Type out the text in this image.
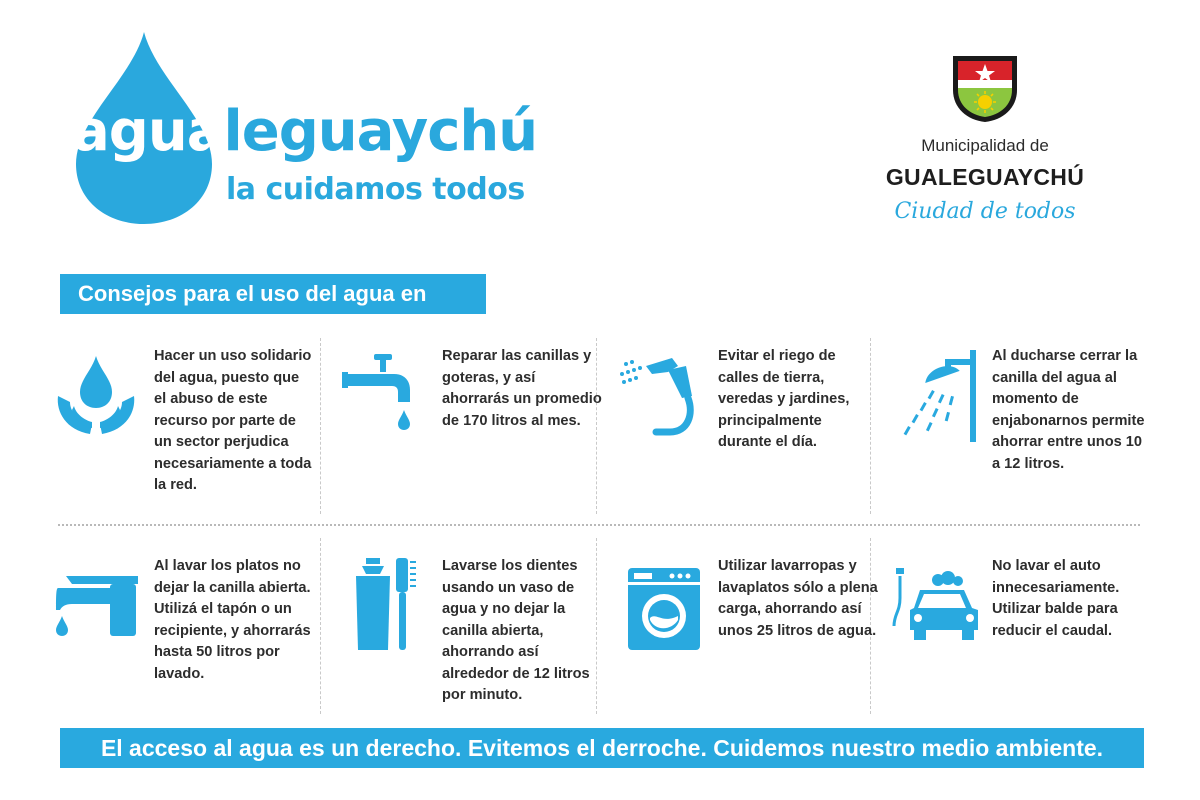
agualeguaychú
la cuidamos todos
Municipalidad de
GUALEGUAYCHÚ
Ciudad de todos
Consejos para el uso del agua en casa:
Hacer un uso solidario del agua, puesto que el abuso de este recurso por parte de un sector perjudica necesariamente a toda la red.
Reparar las canillas y goteras, y así ahorrarás un promedio de 170 litros al mes.
Evitar el riego de calles de tierra, veredas y jardines, principalmente durante el día.
Al ducharse cerrar la canilla del agua al momento de enjabonarnos permite ahorrar entre unos 10 a 12 litros.
Al lavar los platos no dejar la canilla abierta. Utilizá el tapón o un recipiente, y ahorrarás hasta 50 litros por lavado.
Lavarse los dientes usando un vaso de agua y no dejar la canilla abierta, ahorrando así alrededor de 12 litros por minuto.
Utilizar lavarropas y lavaplatos sólo a plena carga, ahorrando así unos 25 litros de agua.
No lavar el auto innecesariamente. Utilizar balde para reducir el caudal.
El acceso al agua es un derecho. Evitemos el derroche. Cuidemos nuestro medio ambiente.
